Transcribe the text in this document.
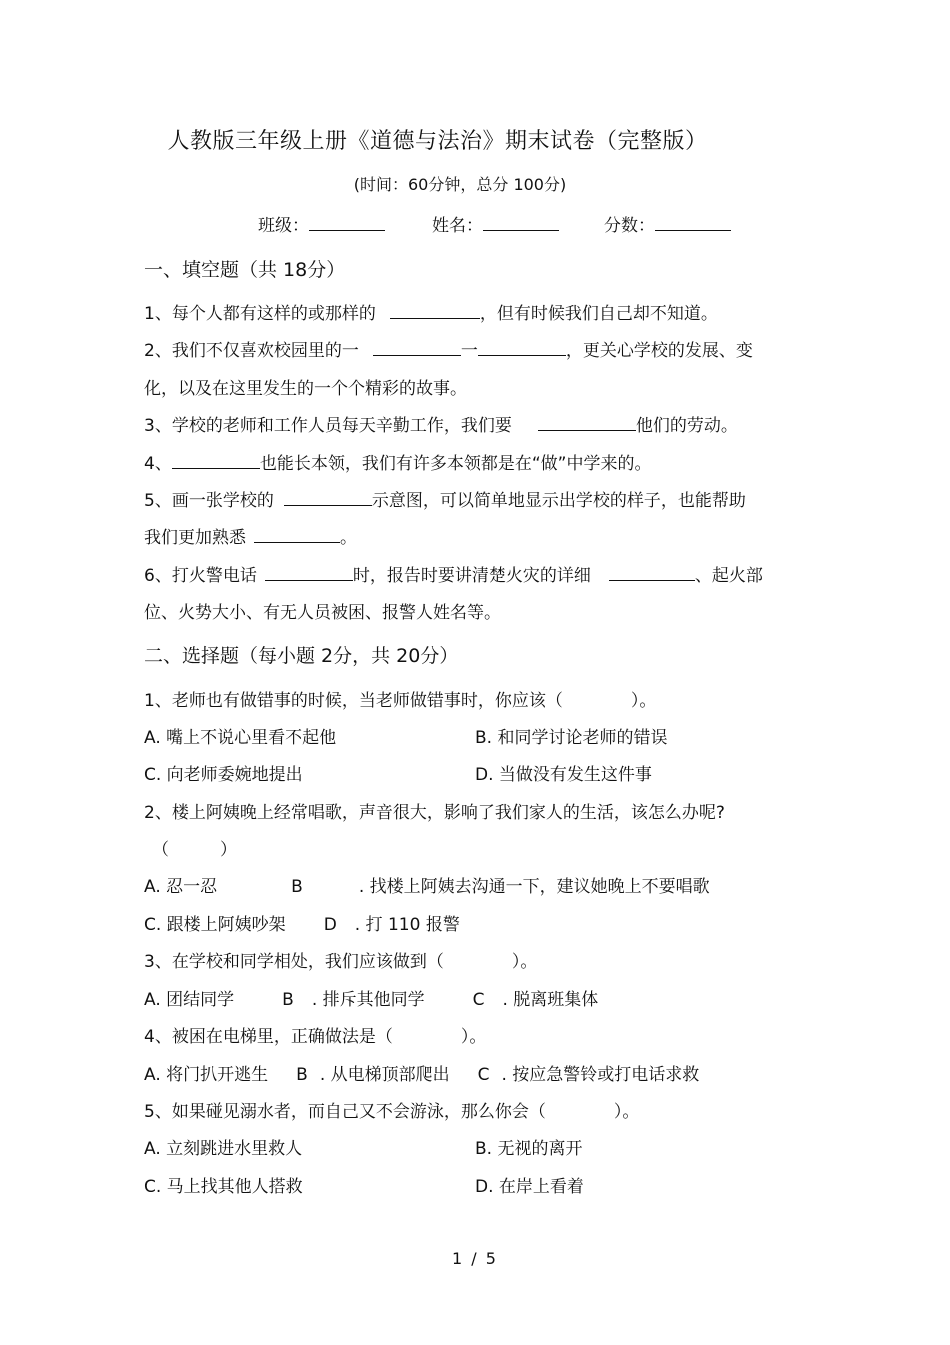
人教版三年级上册《道德与法治》期末试卷（完整版）
(时间：60分钟，总分 100分)
班级：	姓名：	分数：
一、填空题（共 18分）
1、每个人都有这样的或那样的	，但有时候我们自己却不知道。
2、我们不仅喜欢校园里的一	一	，更关心学校的发展、变
化，以及在这里发生的一个个精彩的故事。
3、学校的老师和工作人员每天辛勤工作，我们要	他们的劳动。
4、	也能长本领，我们有许多本领都是在“做”中学来的。
5、画一张学校的	示意图，可以简单地显示出学校的样子，也能帮助
我们更加熟悉	。
6、打火警电话	时，报告时要讲清楚火灾的详细	、起火部
位、火势大小、有无人员被困、报警人姓名等。
二、选择题（每小题 2分，共 20分）
1、老师也有做错事的时候，当老师做错事时，你应该（　　　　）。
A. 嘴上不说心里看不起他	B. 和同学讨论老师的错误
C. 向老师委婉地提出	D. 当做没有发生这件事
2、楼上阿姨晚上经常唱歌，声音很大，影响了我们家人的生活，该怎么办呢?
（　　　）
A. 忍一忍	B	. 找楼上阿姨去沟通一下，建议她晚上不要唱歌
C. 跟楼上阿姨吵架 D . 打 110 报警
3、在学校和同学相处，我们应该做到（　　　　）。
A. 团结同学	B . 排斥其他同学	C . 脱离班集体
4、被困在电梯里，正确做法是（　　　　）。
A. 将门扒开逃生 B . 从电梯顶部爬出 C . 按应急警铃或打电话求救
5、如果碰见溺水者，而自己又不会游泳，那么你会（　　　　）。
A. 立刻跳进水里救人	B. 无视的离开
C. 马上找其他人搭救	D. 在岸上看着
1 / 5
